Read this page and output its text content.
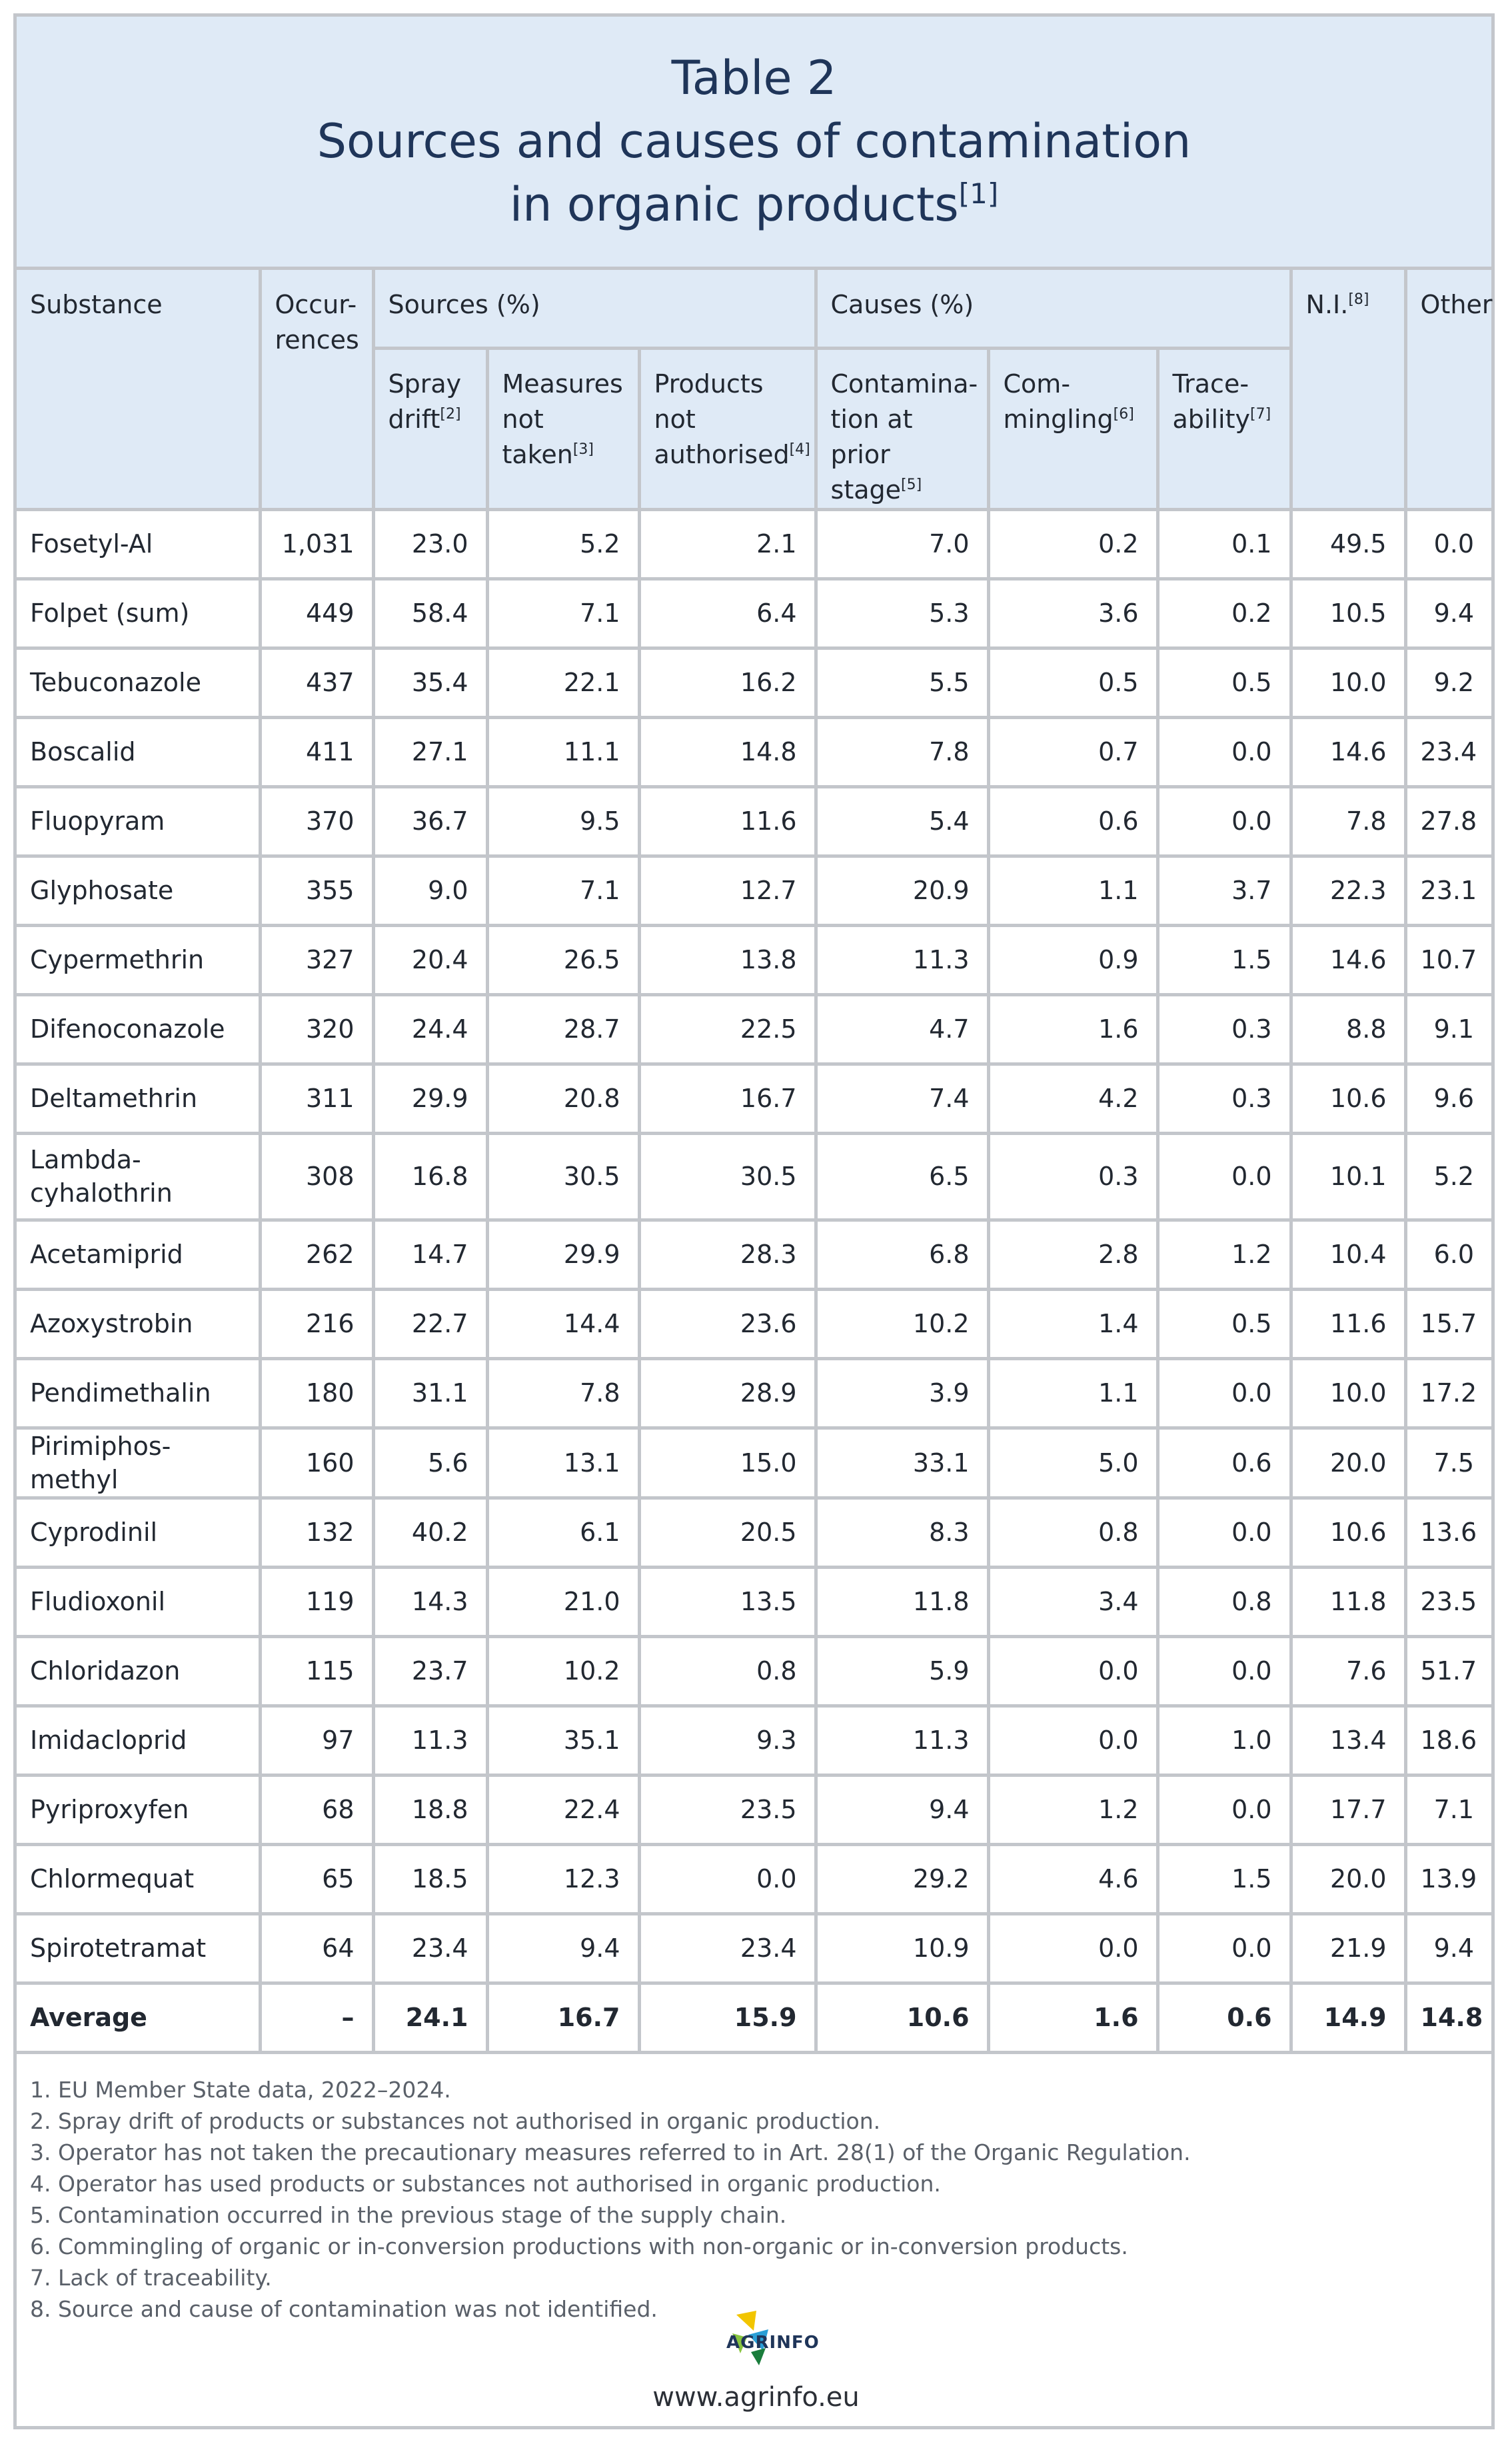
Table 2
Sources and causes of contamination
in organic products[1]
Substance	Occur-rences	Sources (%)			Causes (%)			N.I.[8]	Other
		Spray drift[2]	Measures not taken[3]	Products not authorised[4]	Contamina-tion at prior stage[5]	Com-mingling[6]	Trace-ability[7]
Fosetyl-Al	1,031	23.0	5.2	2.1	7.0	0.2	0.1	49.5	0.0
Folpet (sum)	449	58.4	7.1	6.4	5.3	3.6	0.2	10.5	9.4
Tebuconazole	437	35.4	22.1	16.2	5.5	0.5	0.5	10.0	9.2
Boscalid	411	27.1	11.1	14.8	7.8	0.7	0.0	14.6	23.4
Fluopyram	370	36.7	9.5	11.6	5.4	0.6	0.0	7.8	27.8
Glyphosate	355	9.0	7.1	12.7	20.9	1.1	3.7	22.3	23.1
Cypermethrin	327	20.4	26.5	13.8	11.3	0.9	1.5	14.6	10.7
Difenoconazole	320	24.4	28.7	22.5	4.7	1.6	0.3	8.8	9.1
Deltamethrin	311	29.9	20.8	16.7	7.4	4.2	0.3	10.6	9.6
Lambda-cyhalothrin	308	16.8	30.5	30.5	6.5	0.3	0.0	10.1	5.2
Acetamiprid	262	14.7	29.9	28.3	6.8	2.8	1.2	10.4	6.0
Azoxystrobin	216	22.7	14.4	23.6	10.2	1.4	0.5	11.6	15.7
Pendimethalin	180	31.1	7.8	28.9	3.9	1.1	0.0	10.0	17.2
Pirimiphos-methyl	160	5.6	13.1	15.0	33.1	5.0	0.6	20.0	7.5
Cyprodinil	132	40.2	6.1	20.5	8.3	0.8	0.0	10.6	13.6
Fludioxonil	119	14.3	21.0	13.5	11.8	3.4	0.8	11.8	23.5
Chloridazon	115	23.7	10.2	0.8	5.9	0.0	0.0	7.6	51.7
Imidacloprid	97	11.3	35.1	9.3	11.3	0.0	1.0	13.4	18.6
Pyriproxyfen	68	18.8	22.4	23.5	9.4	1.2	0.0	17.7	7.1
Chlormequat	65	18.5	12.3	0.0	29.2	4.6	1.5	20.0	13.9
Spirotetramat	64	23.4	9.4	23.4	10.9	0.0	0.0	21.9	9.4
Average	–	24.1	16.7	15.9	10.6	1.6	0.6	14.9	14.8
1. EU Member State data, 2022–2024.
2. Spray drift of products or substances not authorised in organic production.
3. Operator has not taken the precautionary measures referred to in Art. 28(1) of the Organic Regulation.
4. Operator has used products or substances not authorised in organic production.
5. Contamination occurred in the previous stage of the supply chain.
6. Commingling of organic or in-conversion productions with non-organic or in-conversion products.
7. Lack of traceability.
8. Source and cause of contamination was not identified.
AGRINFO
www.agrinfo.eu
